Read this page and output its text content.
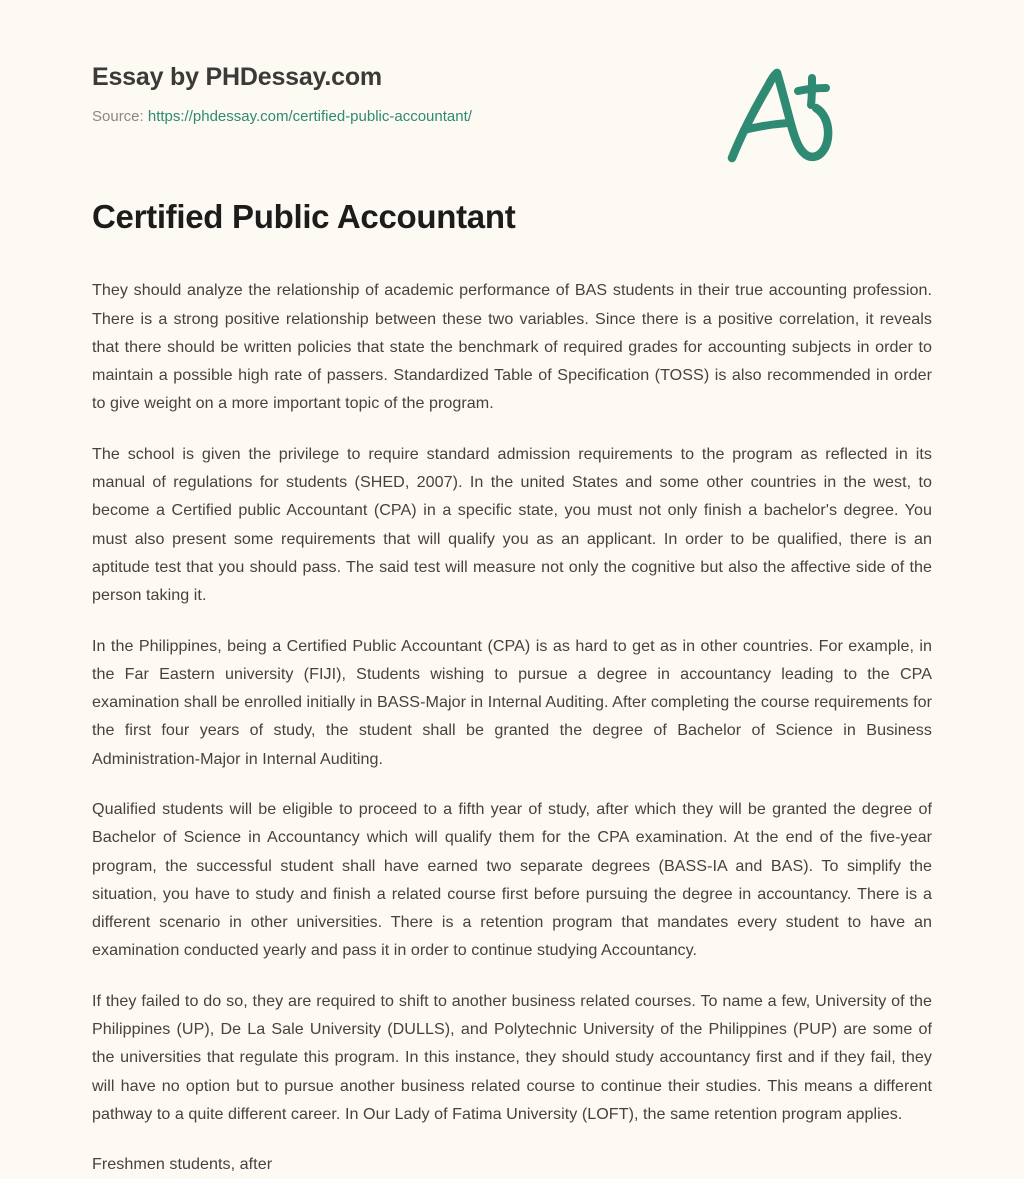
Essay by PHDessay.com
Source: https://phdessay.com/certified-public-accountant/
Certified Public Accountant

They should analyze the relationship of academic performance of BAS students in their true accounting profession. There is a strong positive relationship between these two variables. Since there is a positive correlation, it reveals that there should be written policies that state the benchmark of required grades for accounting subjects in order to maintain a possible high rate of passers. Standardized Table of Specification (TOSS) is also recommended in order to give weight on a more important topic of the program.

The school is given the privilege to require standard admission requirements to the program as reflected in its manual of regulations for students (SHED, 2007). In the united States and some other countries in the west, to become a Certified public Accountant (CPA) in a specific state, you must not only finish a bachelor's degree. You must also present some requirements that will qualify you as an applicant. In order to be qualified, there is an aptitude test that you should pass. The said test will measure not only the cognitive but also the affective side of the person taking it.

In the Philippines, being a Certified Public Accountant (CPA) is as hard to get as in other countries. For example, in the Far Eastern university (FIJI), Students wishing to pursue a degree in accountancy leading to the CPA examination shall be enrolled initially in BASS-Major in Internal Auditing. After completing the course requirements for the first four years of study, the student shall be granted the degree of Bachelor of Science in Business Administration-Major in Internal Auditing.

Qualified students will be eligible to proceed to a fifth year of study, after which they will be granted the degree of Bachelor of Science in Accountancy which will qualify them for the CPA examination. At the end of the five-year program, the successful student shall have earned two separate degrees (BASS-IA and BAS). To simplify the situation, you have to study and finish a related course first before pursuing the degree in accountancy. There is a different scenario in other universities. There is a retention program that mandates every student to have an examination conducted yearly and pass it in order to continue studying Accountancy.

If they failed to do so, they are required to shift to another business related courses. To name a few, University of the Philippines (UP), De La Sale University (DULLS), and Polytechnic University of the Philippines (PUP) are some of the universities that regulate this program. In this instance, they should study accountancy first and if they fail, they will have no option but to pursue another business related course to continue their studies. This means a different pathway to a quite different career. In Our Lady of Fatima University (LOFT), the same retention program applies.

Freshmen students, after
